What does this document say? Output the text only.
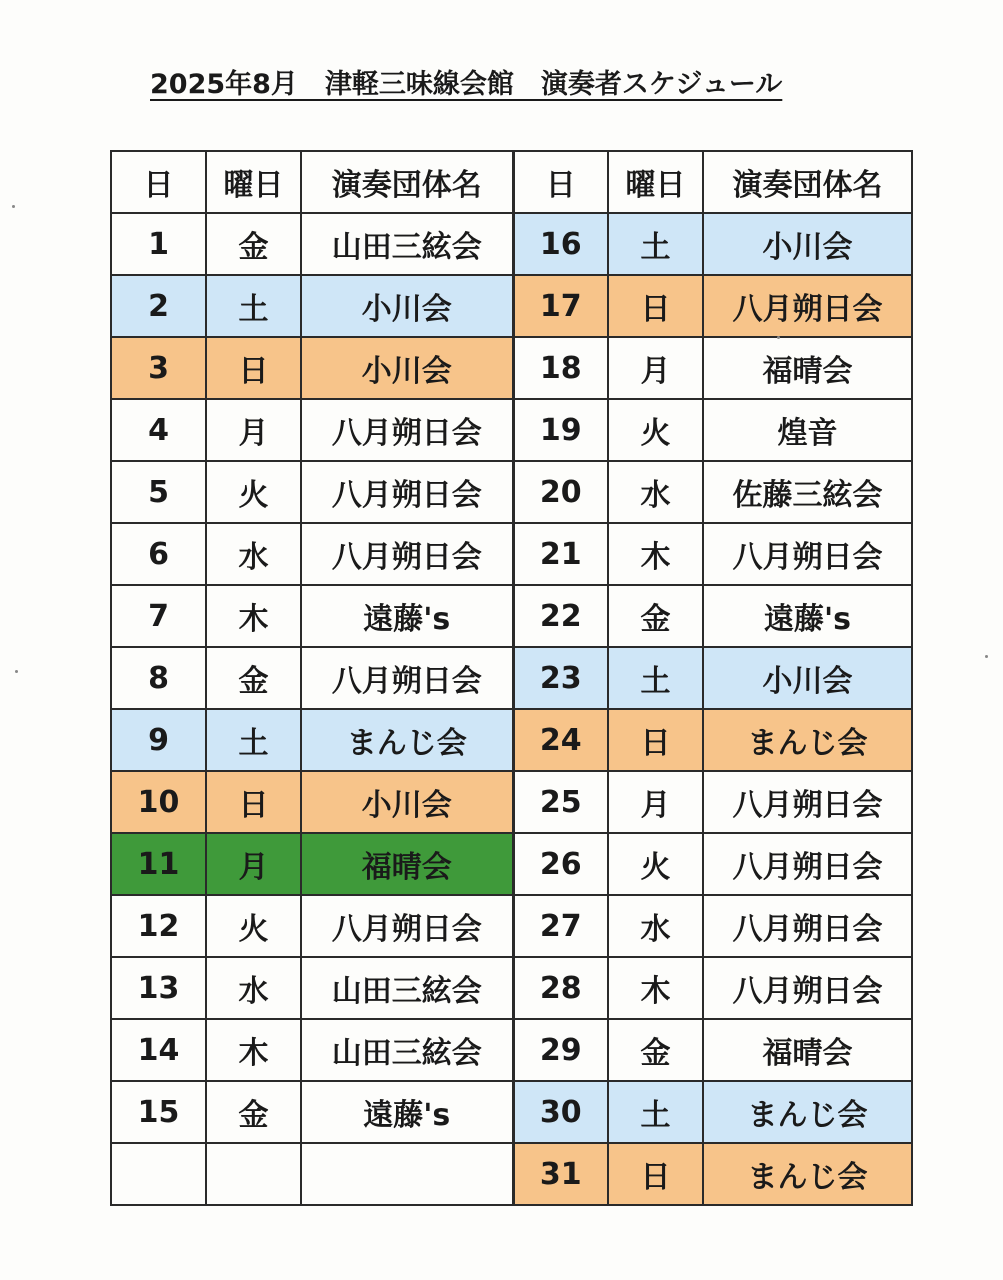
2025年8月　津軽三味線会館　演奏者スケジュール
日	曜日	演奏団体名	日	曜日	演奏団体名
1	金	山田三絃会	16	土	小川会
2	土	小川会	17	日	八月朔日会
3	日	小川会	18	月	福晴会
4	月	八月朔日会	19	火	煌音
5	火	八月朔日会	20	水	佐藤三絃会
6	水	八月朔日会	21	木	八月朔日会
7	木	遠藤's	22	金	遠藤's
8	金	八月朔日会	23	土	小川会
9	土	まんじ会	24	日	まんじ会
10	日	小川会	25	月	八月朔日会
11	月	福晴会	26	火	八月朔日会
12	火	八月朔日会	27	水	八月朔日会
13	水	山田三絃会	28	木	八月朔日会
14	木	山田三絃会	29	金	福晴会
15	金	遠藤's	30	土	まんじ会
			31	日	まんじ会
